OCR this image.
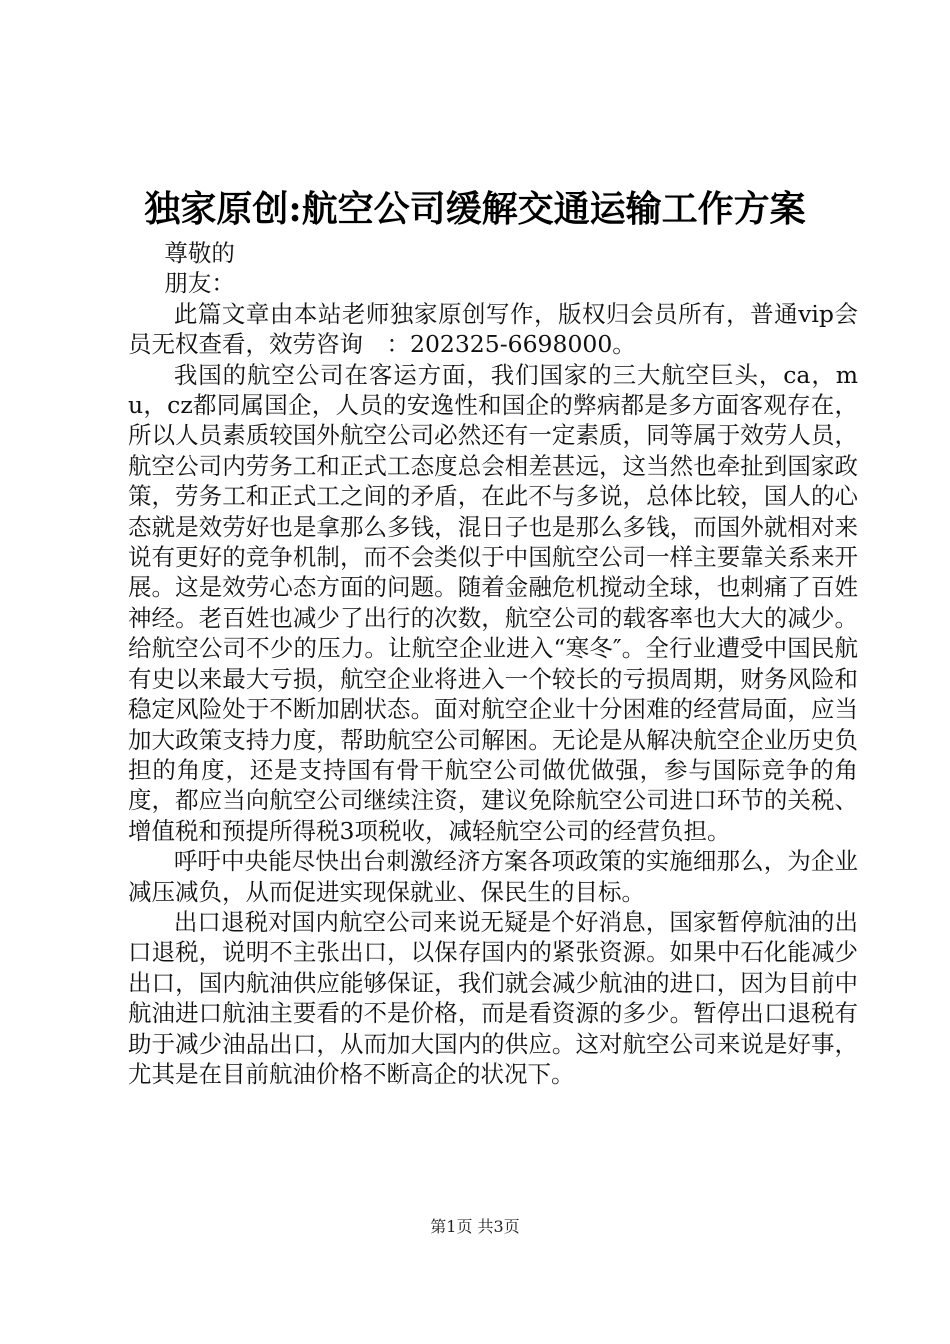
独家原创:航空公司缓解交通运输工作方案

尊敬的

朋友：

此篇文章由本站老师独家原创写作，版权归会员所有，普通vip会员无权查看，效劳咨询　：202325-6698000。

我国的航空公司在客运方面，我们国家的三大航空巨头，ca，mu，cz都同属国企，人员的安逸性和国企的弊病都是多方面客观存在，所以人员素质较国外航空公司必然还有一定素质，同等属于效劳人员，航空公司内劳务工和正式工态度总会相差甚远，这当然也牵扯到国家政策，劳务工和正式工之间的矛盾，在此不与多说，总体比较，国人的心态就是效劳好也是拿那么多钱，混日子也是那么多钱，而国外就相对来说有更好的竞争机制，而不会类似于中国航空公司一样主要靠关系来开展。这是效劳心态方面的问题。随着金融危机搅动全球，也刺痛了百姓神经。老百姓也减少了出行的次数，航空公司的载客率也大大的减少。给航空公司不少的压力。让航空企业进入“寒冬″。全行业遭受中国民航有史以来最大亏损，航空企业将进入一个较长的亏损周期，财务风险和稳定风险处于不断加剧状态。面对航空企业十分困难的经营局面，应当加大政策支持力度，帮助航空公司解困。无论是从解决航空企业历史负担的角度，还是支持国有骨干航空公司做优做强，参与国际竞争的角度，都应当向航空公司继续注资，建议免除航空公司进口环节的关税、增值税和预提所得税3项税收，减轻航空公司的经营负担。

呼吁中央能尽快出台刺激经济方案各项政策的实施细那么，为企业减压减负，从而促进实现保就业、保民生的目标。

出口退税对国内航空公司来说无疑是个好消息，国家暂停航油的出口退税，说明不主张出口，以保存国内的紧张资源。如果中石化能减少出口，国内航油供应能够保证，我们就会减少航油的进口，因为目前中航油进口航油主要看的不是价格，而是看资源的多少。暂停出口退税有助于减少油品出口，从而加大国内的供应。这对航空公司来说是好事，尤其是在目前航油价格不断高企的状况下。

第1页 共3页
